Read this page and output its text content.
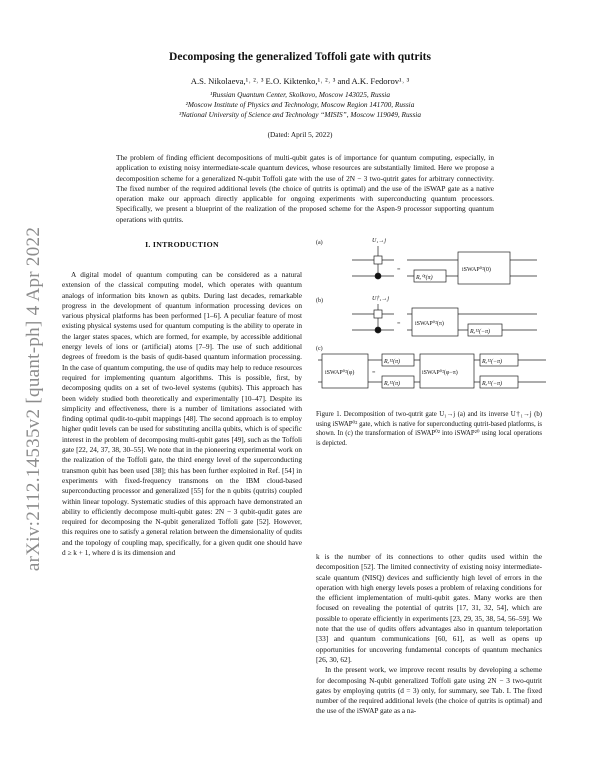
arXiv:2112.14535v2 [quant-ph] 4 Apr 2022
Decomposing the generalized Toffoli gate with qutrits
A.S. Nikolaeva,¹˒ ²˒ ³ E.O. Kiktenko,¹˒ ²˒ ³ and A.K. Fedorov¹˒ ³
¹Russian Quantum Center, Skolkovo, Moscow 143025, Russia
²Moscow Institute of Physics and Technology, Moscow Region 141700, Russia
³National University of Science and Technology “MISIS”, Moscow 119049, Russia
(Dated: April 5, 2022)
The problem of finding efficient decompositions of multi-qubit gates is of importance for quantum computing, especially, in application to existing noisy intermediate-scale quantum devices, whose resources are substantially limited. Here we propose a decomposition scheme for a generalized N-qubit Toffoli gate with the use of 2N − 3 two-qutrit gates for arbitrary connectivity. The fixed number of the required additional levels (the choice of qutrits is optimal) and the use of the iSWAP gate as a native operation make our approach directly applicable for ongoing experiments with superconducting quantum processors. Specifically, we present a blueprint of the realization of the proposed scheme for the Aspen-9 processor supporting quantum operations with qutrits.
I. INTRODUCTION
A digital model of quantum computing can be considered as a natural extension of the classical computing model, which operates with quantum analogs of information bits known as qubits. During last decades, remarkable progress in the development of quantum information processing devices on various physical platforms has been performed [1–6]. A peculiar feature of most existing physical systems used for quantum computing is the ability to operate in the larger states spaces, which are formed, for example, by accessible additional energy levels of ions or (artificial) atoms [7–9]. The use of such additional degrees of freedom is the basis of qudit-based quantum information processing. In the case of quantum computing, the use of qudits may help to reduce resources required for implementing quantum algorithms. This is possible, first, by decomposing qudits on a set of two-level systems (qubits). This approach has been widely studied both theoretically and experimentally [10–47]. Despite its simplicity and effectiveness, there is a number of limitations associated with finding optimal qudit-to-qubit mappings [48]. The second approach is to employ higher qudit levels can be used for substituting ancilla qubits, which is of specific interest in the problem of decomposing multi-qubit gates [49], such as the Toffoli gate [22, 24, 37, 38, 30–55]. We note that in the pioneering experimental work on the realization of the Toffoli gate, the third energy level of the superconducting transmon qubit has been used [38]; this has been further exploited in Ref. [54] in experiments with fixed-frequency transmons on the IBM cloud-based superconducting processor and generalized [55] for the n qubits (qutrits) coupled within linear topology. Systematic studies of this approach have demonstrated an ability to efficiently decompose multi-qubit gates: 2N − 3 qubit-qudit gates are required for decomposing the N-qubit generalized Toffoli gate [52]. However, this requires one to satisfy a general relation between the dimensionality of qudits and the topology of coupling map, specifically, for a given qudit one should have d ≥ k + 1, where d is its dimension and
(a)
(b)
(c)
U₁→j
=
Rₓ⁰¹(π)
iSWAP⁰²(0)
U†₁→j
= iSWAP⁰²(π)
Rₓ¹²(−π)
iSWAP⁰²(φ)	=
Rₓ¹²(π)
Rₓ¹²(π)
iSWAP⁰²(φ−π)
Rₓ¹²(−π)
Rₓ¹²(−π)
Figure 1. Decomposition of two-qutrit gate U₁→j (a) and its inverse U†₁→j (b) using iSWAP⁰² gate, which is native for superconducting qutrit-based platforms, is shown. In (c) the transformation of iSWAP⁰² into iSWAP²⁰ using local operations is depicted.
k is the number of its connections to other qudits used within the decomposition [52]. The limited connectivity of existing noisy intermediate-scale quantum (NISQ) devices and sufficiently high level of errors in the operation with high energy levels poses a problem of relaxing conditions for the efficient implementation of multi-qubit gates. Many works are then focused on revealing the potential of qutrits [17, 31, 32, 54], which are possible to operate efficiently in experiments [23, 29, 35, 38, 54, 56–59]. We note that the use of qudits offers advantages also in quantum teleportation [33] and quantum communications [60, 61], as well as opens up opportunities for uncovering fundamental concepts of quantum mechanics [26, 30, 62].
In the present work, we improve recent results by developing a scheme for decomposing N-qubit generalized Toffoli gate using 2N − 3 two-qutrit gates by employing qutrits (d = 3) only, for summary, see Tab. I. The fixed number of the required additional levels (the choice of qutrits is optimal) and the use of the iSWAP gate as a na-
